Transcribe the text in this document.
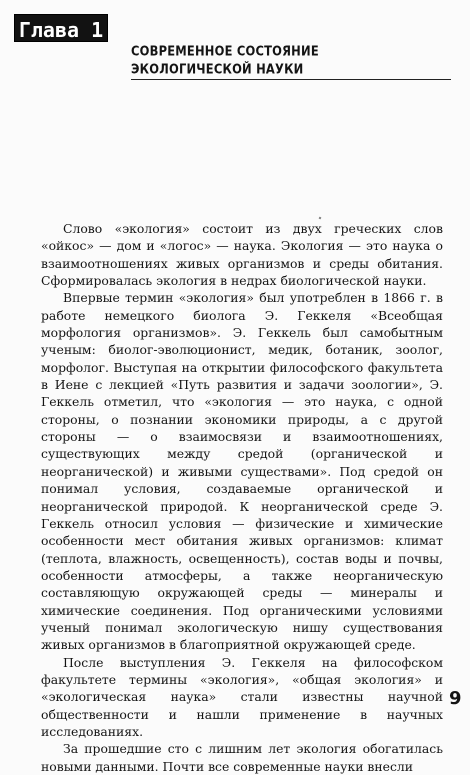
Глава 1
СОВРЕМЕННОЕ СОСТОЯНИЕ
ЭКОЛОГИЧЕСКОЙ НАУКИ

Слово «экология» состоит из двух греческих слов «ойкос» — дом и «логос» — наука. Экология — это наука о взаимоотношениях живых организмов и среды обитания. Сформировалась экология в недрах биологической науки.

Впервые термин «экология» был употреблен в 1866 г. в работе немецкого биолога Э. Геккеля «Всеобщая морфология организмов». Э. Геккель был самобытным ученым: биолог-эволюционист, медик, ботаник, зоолог, морфолог. Выступая на открытии философского факультета в Иене с лекцией «Путь развития и задачи зоологии», Э. Геккель отметил, что «экология — это наука, с одной стороны, о познании экономики природы, а с другой стороны — о взаимосвязи и взаимоотношениях, существующих между средой (органической и неорганической) и живыми существами». Под средой он понимал условия, создаваемые органической и неорганической природой. К неорганической среде Э. Геккель относил условия — физические и химические особенности мест обитания живых организмов: климат (теплота, влажность, освещенность), состав воды и почвы, особенности атмосферы, а также неорганическую составляющую окружающей среды — минералы и химические соединения. Под органическими условиями ученый понимал экологическую нишу существования живых организмов в благоприятной окружающей среде.

После выступления Э. Геккеля на философском факультете термины «экология», «общая экология» и «экологическая наука» стали известны научной общественности и нашли применение в научных исследованиях.

За прошедшие сто с лишним лет экология обогатилась новыми данными. Почти все современные науки внесли

9
